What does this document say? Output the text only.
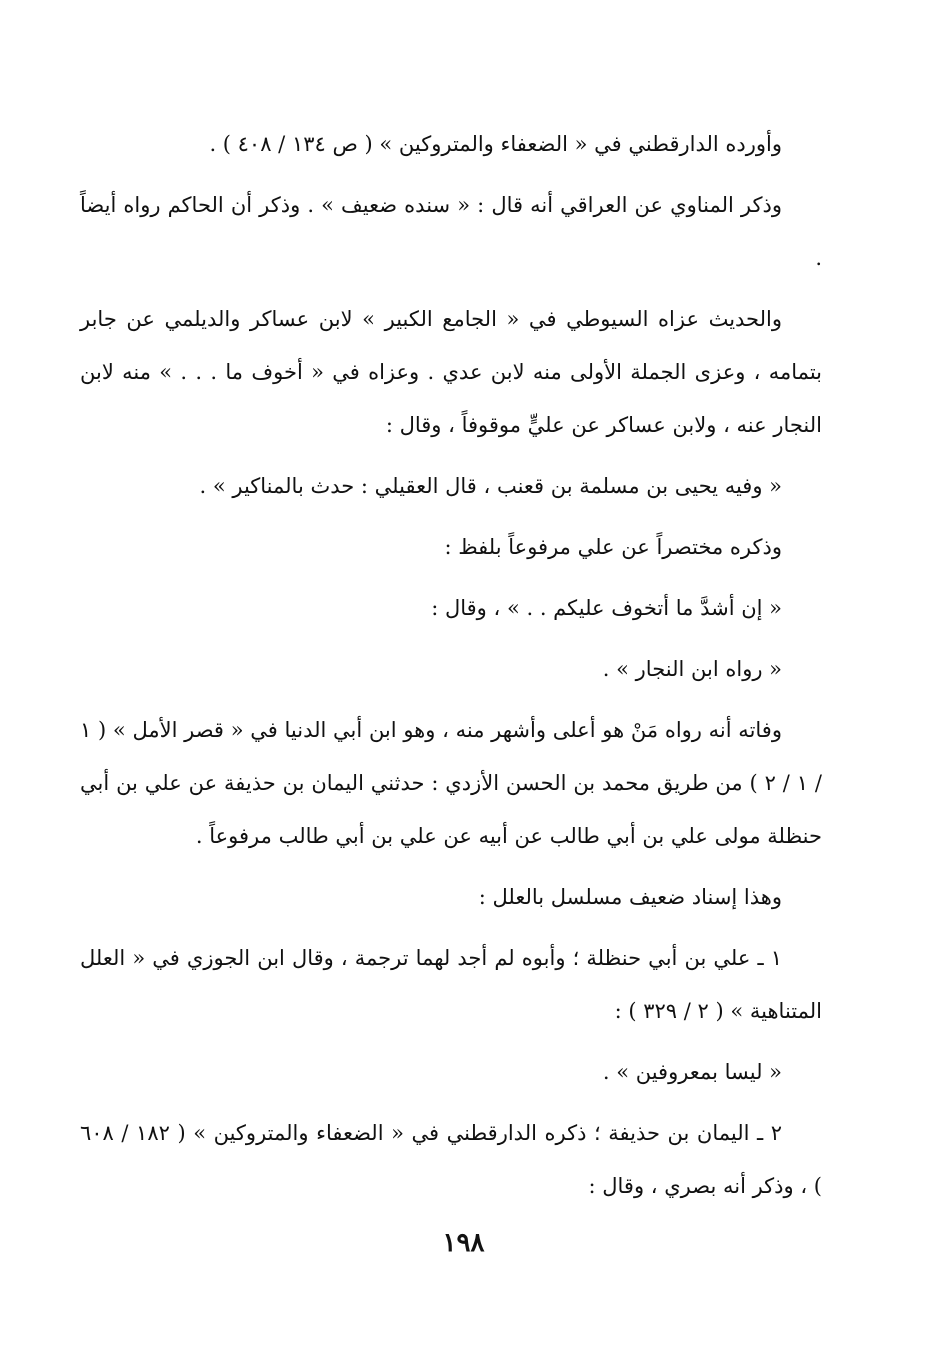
وأورده الدارقطني في « الضعفاء والمتروكين » ( ص ١٣٤ / ٤٠٨ ) .

وذكر المناوي عن العراقي أنه قال : « سنده ضعيف » . وذكر أن الحاكم رواه أيضاً .

والحديث عزاه السيوطي في « الجامع الكبير » لابن عساكر والديلمي عن جابر بتمامه ، وعزى الجملة الأولى منه لابن عدي . وعزاه في « أخوف ما . . . » منه لابن النجار عنه ، ولابن عساكر عن عليٍّ موقوفاً ، وقال :

« وفيه يحيى بن مسلمة بن قعنب ، قال العقيلي : حدث بالمناكير » .

وذكره مختصراً عن علي مرفوعاً بلفظ :

« إن أشدَّ ما أتخوف عليكم . . » ، وقال :

« رواه ابن النجار » .

وفاته أنه رواه مَنْ هو أعلى وأشهر منه ، وهو ابن أبي الدنيا في « قصر الأمل » ( ١ / ١ / ٢ ) من طريق محمد بن الحسن الأزدي : حدثني اليمان بن حذيفة عن علي بن أبي حنظلة مولى علي بن أبي طالب عن أبيه عن علي بن أبي طالب مرفوعاً .

وهذا إسناد ضعيف مسلسل بالعلل :

١ ـ علي بن أبي حنظلة ؛ وأبوه لم أجد لهما ترجمة ، وقال ابن الجوزي في « العلل المتناهية » ( ٢ / ٣٢٩ ) :

« ليسا بمعروفين » .

٢ ـ اليمان بن حذيفة ؛ ذكره الدارقطني في « الضعفاء والمتروكين » ( ١٨٢ / ٦٠٨ ) ، وذكر أنه بصري ، وقال :

١٩٨
